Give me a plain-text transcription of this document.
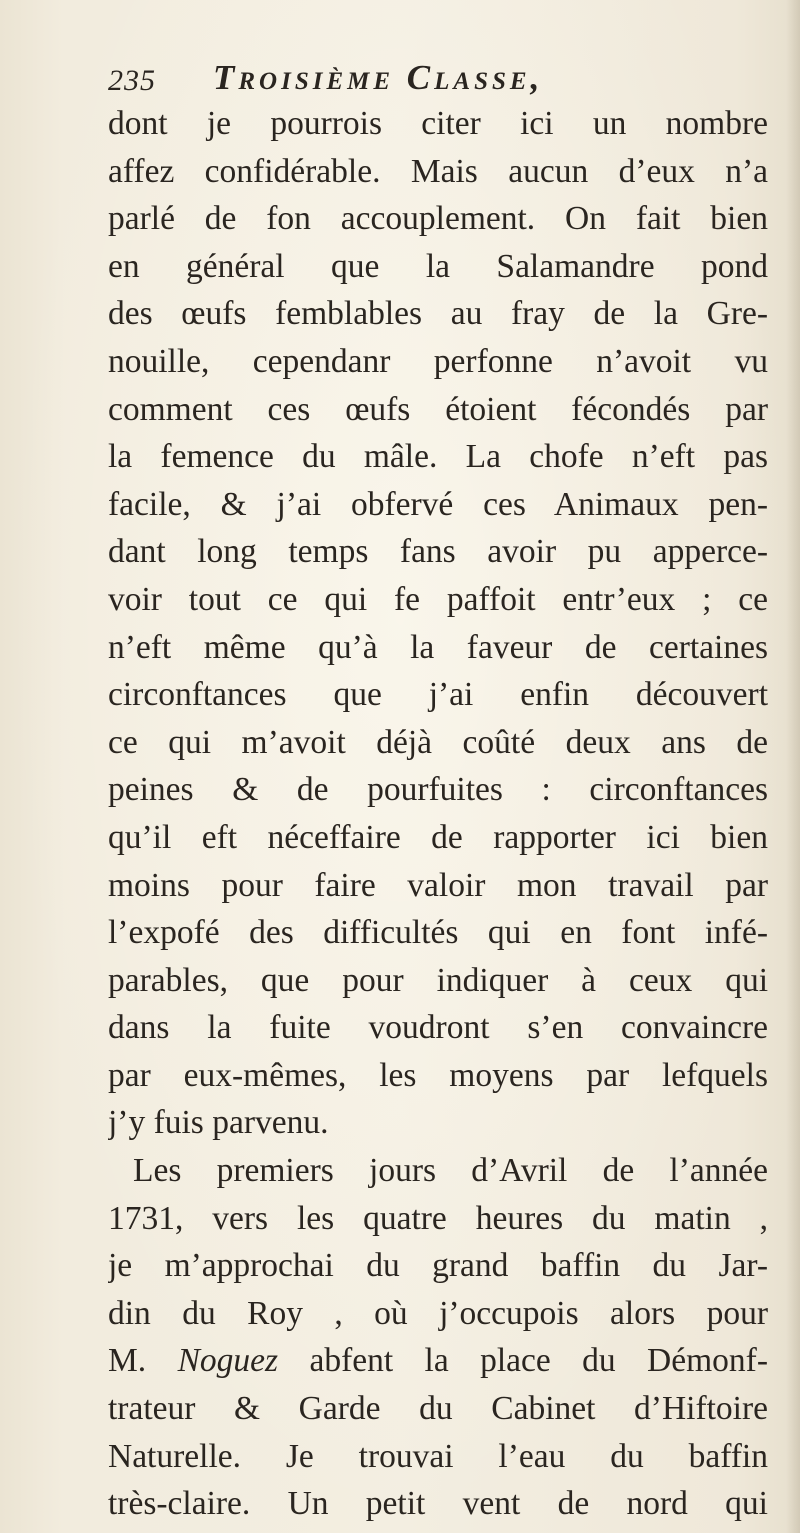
235 Troisième Classe,
dont je pourrois citer ici un nombre
affez confidérable. Mais aucun d’eux n’a
parlé de fon accouplement. On fait bien
en général que la Salamandre pond
des œufs femblables au fray de la Gre-
nouille, cependanr perfonne n’avoit vu
comment ces œufs étoient fécondés par
la femence du mâle. La chofe n’eft pas
facile, & j’ai obfervé ces Animaux pen-
dant long temps fans avoir pu apperce-
voir tout ce qui fe paffoit entr’eux ; ce
n’eft même qu’à la faveur de certaines
circonftances que j’ai enfin découvert
ce qui m’avoit déjà coûté deux ans de
peines & de pourfuites : circonftances
qu’il eft néceffaire de rapporter ici bien
moins pour faire valoir mon travail par
l’expofé des difficultés qui en font infé-
parables, que pour indiquer à ceux qui
dans la fuite voudront s’en convaincre
par eux-mêmes, les moyens par lefquels
j’y fuis parvenu.
Les premiers jours d’Avril de l’année
1731, vers les quatre heures du matin ,
je m’approchai du grand baffin du Jar-
din du Roy , où j’occupois alors pour
M. Noguez abfent la place du Démonf-
trateur & Garde du Cabinet d’Hiftoire
Naturelle. Je trouvai l’eau du baffin
très-claire. Un petit vent de nord qui
